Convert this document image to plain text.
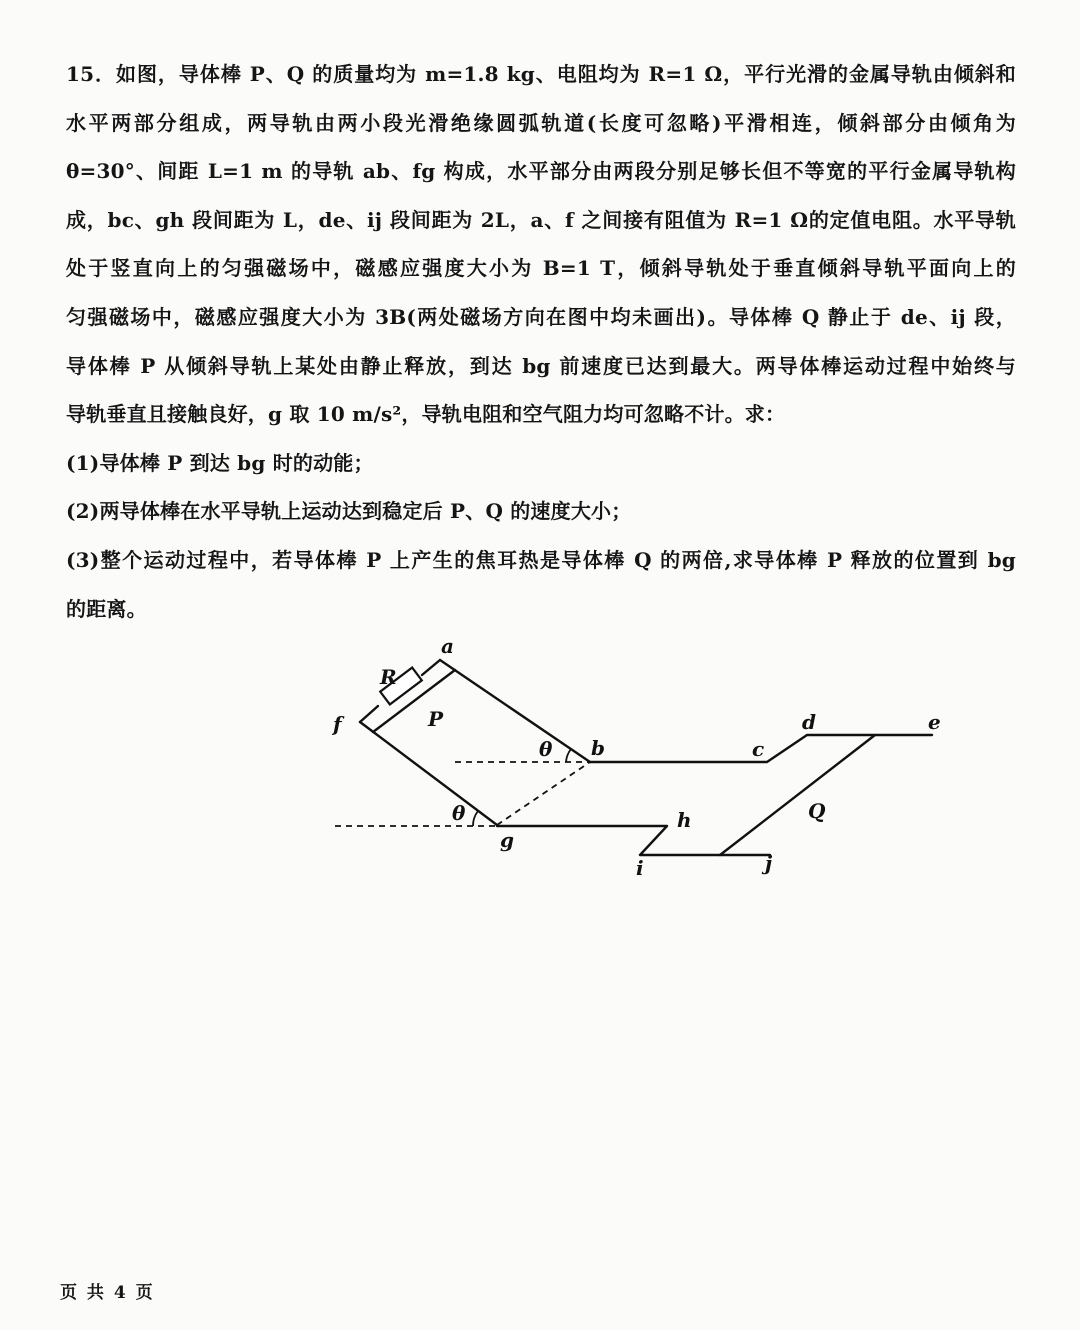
15．如图，导体棒 P、Q 的质量均为 m=1.8 kg、电阻均为 R=1 Ω，平行光滑的金属导轨由倾斜和
水平两部分组成，两导轨由两小段光滑绝缘圆弧轨道(长度可忽略)平滑相连，倾斜部分由倾角为
θ=30°、间距 L=1 m 的导轨 ab、fg 构成，水平部分由两段分别足够长但不等宽的平行金属导轨构
成，bc、gh 段间距为 L，de、ij 段间距为 2L，a、f 之间接有阻值为 R=1 Ω的定值电阻。水平导轨
处于竖直向上的匀强磁场中，磁感应强度大小为 B=1 T，倾斜导轨处于垂直倾斜导轨平面向上的
匀强磁场中，磁感应强度大小为 3B(两处磁场方向在图中均未画出)。导体棒 Q 静止于 de、ij 段，
导体棒 P 从倾斜导轨上某处由静止释放，到达 bg 前速度已达到最大。两导体棒运动过程中始终与
导轨垂直且接触良好，g 取 10 m/s²，导轨电阻和空气阻力均可忽略不计。求：
(1)导体棒 P 到达 bg 时的动能；
(2)两导体棒在水平导轨上运动达到稳定后 P、Q 的速度大小；
(3)整个运动过程中，若导体棒 P 上产生的焦耳热是导体棒 Q 的两倍,求导体棒 P 释放的位置到 bg
的距离。
a
b	c
d	e
f
g
h
i	j
R
P
Q
θ
θ
页 共 4 页
